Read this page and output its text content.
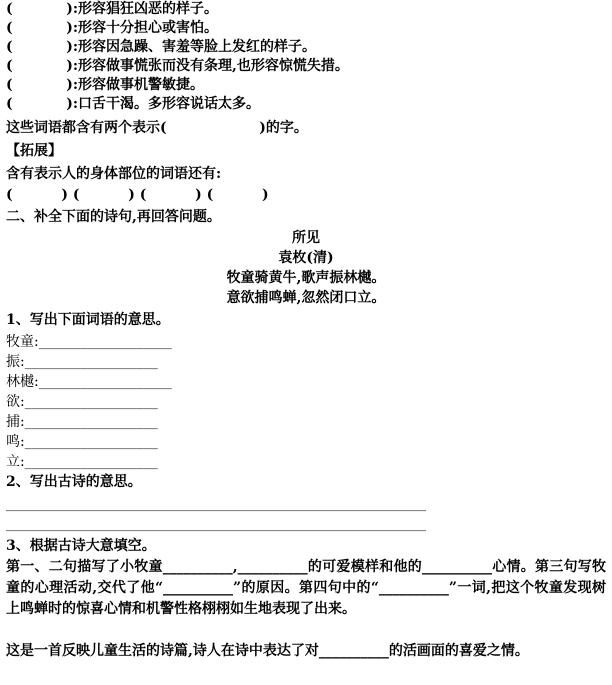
(           ):形容猖狂凶恶的样子。
(           ):形容十分担心或害怕。
(           ):形容因急躁、害羞等脸上发红的样子。
(           ):形容做事慌张而没有条理,也形容惊慌失措。
(           ):形容做事机警敏捷。
(           ):口舌干渴。多形容说话太多。
这些词语都含有两个表示(                   )的字。
【拓展】
含有表示人的身体部位的词语还有:
(          ) (          ) (          ) (          )
二、补全下面的诗句,再回答问题。
所见
袁枚(清)
牧童骑黄牛,歌声振林樾。
意欲捕鸣蝉,忽然闭口立。
1、写出下面词语的意思。
牧童:___________________
振:___________________
林樾:___________________
欲:___________________
捕:___________________
鸣:___________________
立:___________________
2、写出古诗的意思。
____________________________________________________________
____________________________________________________________
3、根据古诗大意填空。
第一、二句描写了小牧童__________,__________的可爱模样和他的__________心情。第三句写牧童的心理活动,交代了他“__________”的原因。第四句中的“__________”一词,把这个牧童发现树上鸣蝉时的惊喜心情和机警性格栩栩如生地表现了出来。
这是一首反映儿童生活的诗篇,诗人在诗中表达了对__________的活画面的喜爱之情。
